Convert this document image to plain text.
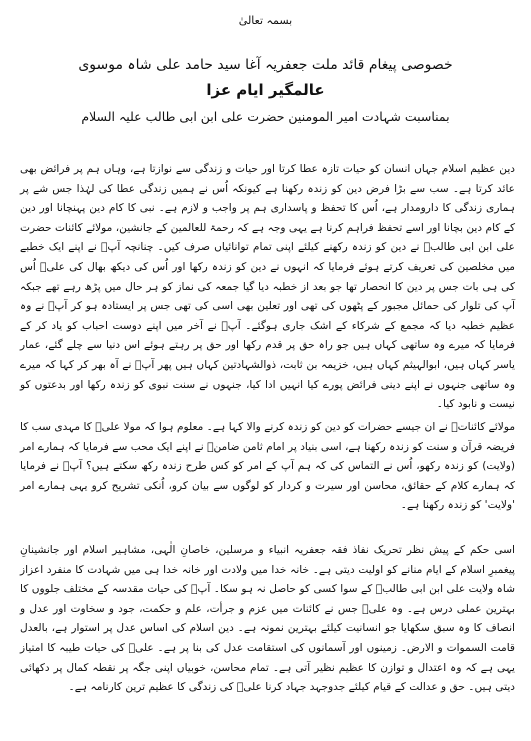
بسمہ تعالیٰ
خصوصی پیغام قائد ملت جعفریہ آغا سید حامد علی شاہ موسوی
عالمگیر ایام عزا
بمناسبت شہادت امیر المومنین حضرت علی ابن ابی طالب علیہ السلام

دین عظیم اسلام جہاں انسان کو حیات تازہ عطا کرتا اور حیات و زندگی سے نوازتا ہے، وہاں ہم پر فرائض بھی عائد کرتا ہے۔ سب سے بڑا فرض دین کو زندہ رکھنا ہے کیونکہ اُس نے ہمیں زندگی عطا کی لہٰذا جس شے پر ہماری زندگی کا دارومدار ہے، اُس کا تحفظ و پاسداری ہم پر واجب و لازم ہے۔ نبی کا کام دین پہنچانا اور دین کے کام دین بچانا اور اسے تحفظ فراہم کرنا ہے یہی وجہ ہے کہ رحمۃ للعالمین کے جانشین، مولائے کائنات حضرت علی ابن ابی طالبؑ نے دین کو زندہ رکھنے کیلئے اپنی تمام توانائیاں صرف کیں۔ چنانچہ آپؑ نے اپنے ایک خطبے میں مخلصین کی تعریف کرتے ہوئے فرمایا کہ انہوں نے دین کو زندہ رکھا اور اُس کی دیکھ بھال کی علیؑ اُس کی ہی بات جس پر دین کا انحصار تھا جو بعد از خطبہ دیا گیا جمعہ کی نماز کو ہر حال میں پڑھ رہے تھے جبکہ آپ کی تلوار کی حمائل مجبور کے پٹھوں کی تھی اور تعلین بھی اسی کی تھی جس پر ایستادہ ہو کر آپؑ نے وہ عظیم خطبہ دیا کہ مجمع کے شرکاء کے اشک جاری ہوگئے۔ آپؑ نے آخر میں اپنے دوست احباب کو یاد کر کے فرمایا کہ میرے وہ ساتھی کہاں ہیں جو راہ حق پر قدم رکھا اور حق پر رہتے ہوئے اس دنیا سے چلے گئے، عمار یاسر کہاں ہیں، ابوالہیثم کہاں ہیں، خزیمہ بن ثابت، ذوالشہادتین کہاں ہیں پھر آپؑ نے آہ بھر کر کہا کہ میرے وہ ساتھی جنہوں نے اپنے دینی فرائض پورے کیا انہیں ادا کیا، جنہوں نے سنت نبوی کو زندہ رکھا اور بدعتوں کو نیست و نابود کیا۔

مولائے کائناتؑ نے ان جیسے حضرات کو دین کو زندہ کرنے والا کہا ہے۔ معلوم ہوا کہ مولا علیؑ کا مہدی سب کا فریضہ قرآن و سنت کو زندہ رکھنا ہے، اسی بنیاد پر امام ثامن ضامنؑ نے اپنے ایک محب سے فرمایا کہ ہمارے امر (ولایت) کو زندہ رکھو، اُس نے التماس کی کہ ہم آپ کے امر کو کس طرح زندہ رکھ سکتے ہیں؟ آپؑ نے فرمایا کہ ہمارے کلام کے حقائق، محاسن اور سیرت و کردار کو لوگوں سے بیان کرو، اُنکی تشریح کرو یہی ہمارے امر 'ولایت' کو زندہ رکھنا ہے۔

اسی حکم کے پیش نظر تحریک نفاذ فقہ جعفریہ انبیاء و مرسلین، خاصانِ الٰہی، مشاہیر اسلام اور جانشینانِ پیغمبرِ اسلام کے ایام منانے کو اولیت دیتی ہے۔ خانہ خدا میں ولادت اور خانہ خدا ہی میں شہادت کا منفرد اعزاز شاہ ولایت علی ابن ابی طالبؑ کے سوا کسی کو حاصل نہ ہو سکا۔ آپؑ کی حیات مقدسہ کے مختلف جلووں کا بہترین عملی درس ہے۔ وہ علیؑ جس نے کائنات میں عزم و جرأت، علم و حکمت، جود و سخاوت اور عدل و انصاف کا وہ سبق سکھایا جو انسانیت کیلئے بہترین نمونہ ہے۔ دین اسلام کی اساس عدل پر استوار ہے، بالعدل قامت السموات و الارض۔ زمینوں اور آسمانوں کی استقامت عدل کی بنا پر ہے۔ علیؑ کی حیات طیبہ کا امتیاز یہی ہے کہ وہ اعتدال و توازن کا عظیم نظیر آتی ہے۔ تمام محاسن، خوبیاں اپنی جگہ پر نقطہ کمال پر دکھائی دیتی ہیں۔ حق و عدالت کے قیام کیلئے جدوجہد جہاد کرنا علیؑ کی زندگی کا عظیم ترین کارنامہ ہے۔
